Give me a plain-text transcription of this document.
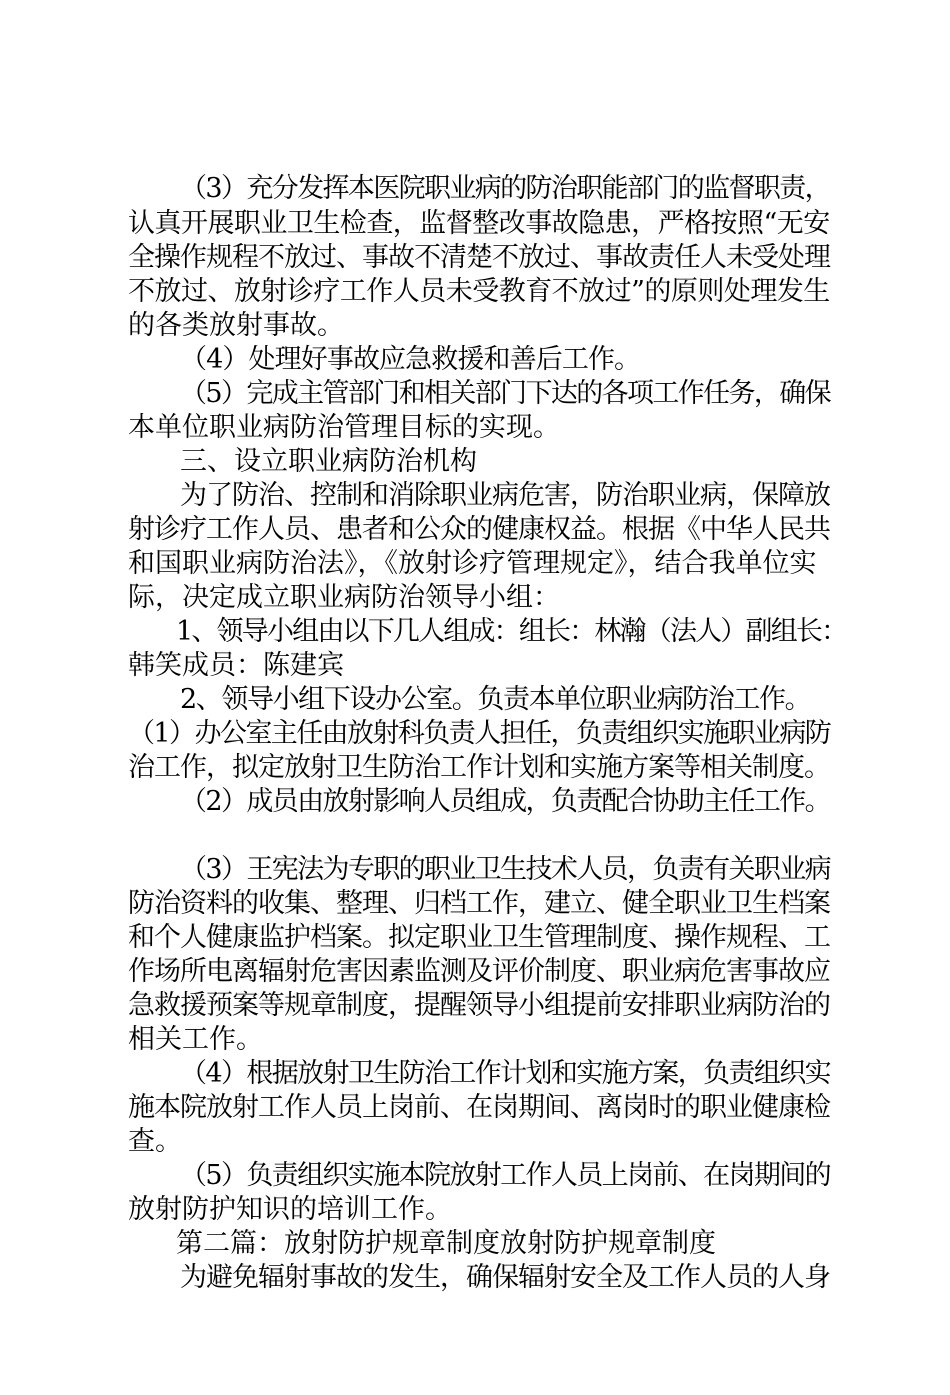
（3）充分发挥本医院职业病的防治职能部门的监督职责，

认真开展职业卫生检查，监督整改事故隐患，严格按照“无安

全操作规程不放过、事故不清楚不放过、事故责任人未受处理

不放过、放射诊疗工作人员未受教育不放过”的原则处理发生

的各类放射事故。

（4）处理好事故应急救援和善后工作。

（5）完成主管部门和相关部门下达的各项工作任务，确保

本单位职业病防治管理目标的实现。

三、设立职业病防治机构

为了防治、控制和消除职业病危害，防治职业病，保障放

射诊疗工作人员、患者和公众的健康权益。根据《中华人民共

和国职业病防治法》，《放射诊疗管理规定》，结合我单位实

际，决定成立职业病防治领导小组：

1、领导小组由以下几人组成：组长：林瀚（法人）副组长：

韩笑成员：陈建宾

2、领导小组下设办公室。负责本单位职业病防治工作。

（1）办公室主任由放射科负责人担任，负责组织实施职业病防

治工作，拟定放射卫生防治工作计划和实施方案等相关制度。

（2）成员由放射影响人员组成，负责配合协助主任工作。

（3）王宪法为专职的职业卫生技术人员，负责有关职业病

防治资料的收集、整理、归档工作，建立、健全职业卫生档案

和个人健康监护档案。拟定职业卫生管理制度、操作规程、工

作场所电离辐射危害因素监测及评价制度、职业病危害事故应

急救援预案等规章制度，提醒领导小组提前安排职业病防治的

相关工作。

（4）根据放射卫生防治工作计划和实施方案，负责组织实

施本院放射工作人员上岗前、在岗期间、离岗时的职业健康检

查。

（5）负责组织实施本院放射工作人员上岗前、在岗期间的

放射防护知识的培训工作。

第二篇：放射防护规章制度放射防护规章制度

为避免辐射事故的发生，确保辐射安全及工作人员的人身
